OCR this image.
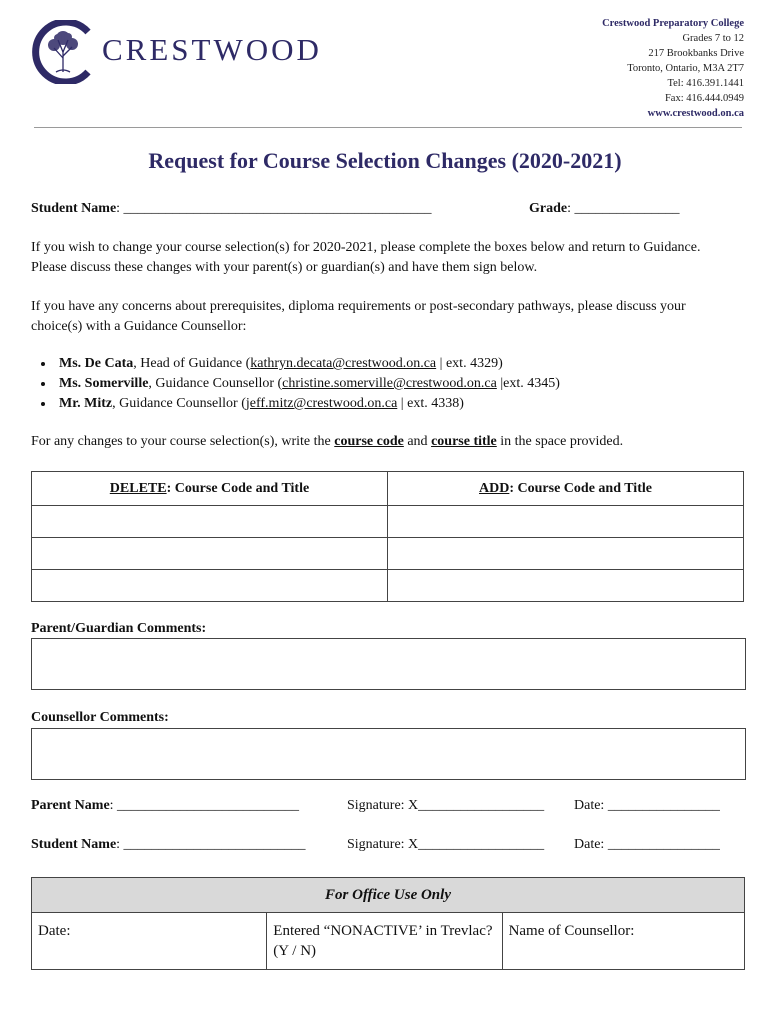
CRESTWOOD
Crestwood Preparatory College
Grades 7 to 12
217 Brookbanks Drive
Toronto, Ontario, M3A 2T7
Tel: 416.391.1441
Fax: 416.444.0949
www.crestwood.on.ca
Request for Course Selection Changes (2020-2021)
Student Name: ____________________________________________	Grade: _______________
If you wish to change your course selection(s) for 2020-2021, please complete the boxes below and return to Guidance. Please discuss these changes with your parent(s) or guardian(s) and have them sign below.
If you have any concerns about prerequisites, diploma requirements or post-secondary pathways, please discuss your choice(s) with a Guidance Counsellor:
• Ms. De Cata, Head of Guidance (kathryn.decata@crestwood.on.ca | ext. 4329)
• Ms. Somerville, Guidance Counsellor (christine.somerville@crestwood.on.ca |ext. 4345)
• Mr. Mitz, Guidance Counsellor (jeff.mitz@crestwood.on.ca | ext. 4338)
For any changes to your course selection(s), write the course code and course title in the space provided.
DELETE: Course Code and Title	ADD: Course Code and Title

Parent/Guardian Comments:
Counsellor Comments:
Parent Name: __________________________	Signature: X__________________ Date: ________________
Student Name: __________________________	Signature: X__________________ Date: ________________
For Office Use Only
Date:	Entered “NONACTIVE’ in Trevlac? (Y / N)	Name of Counsellor:
